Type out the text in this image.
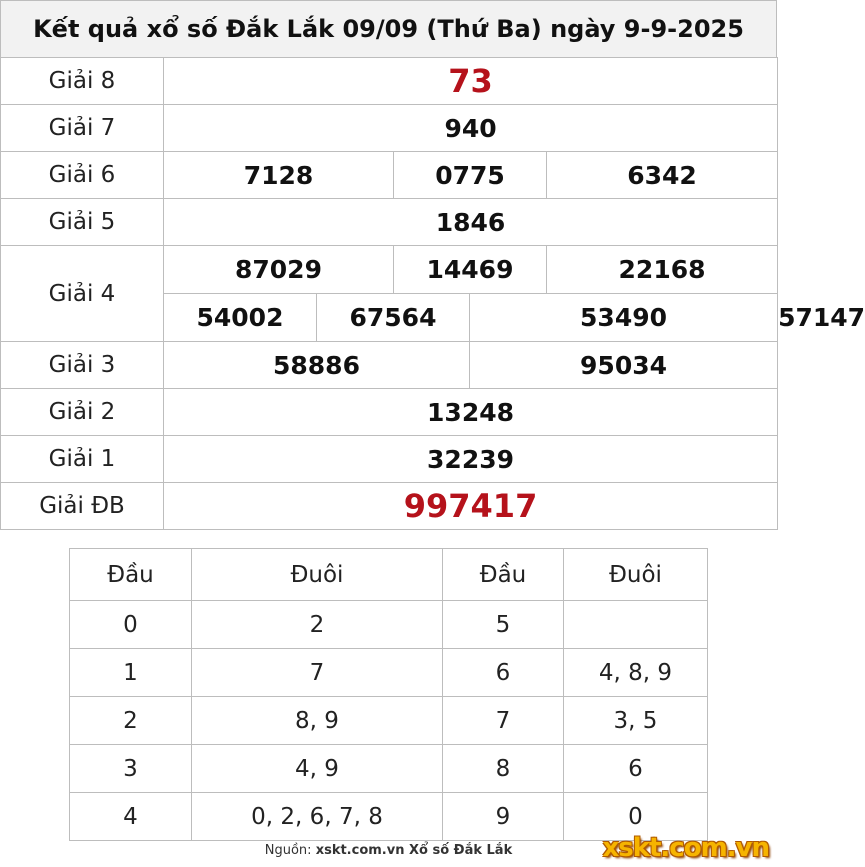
Kết quả xổ số Đắk Lắk 09/09 (Thứ Ba) ngày 9-9-2025
Giải 8	73					
Giải 7	940					
Giải 6	7128		0775		6342	
Giải 5	1846					
Giải 4	87029		14469		22168	
	54002	67564		53490		57147
Giải 3	58886			95034		
Giải 2	13248					
Giải 1	32239					
Giải ĐB	997417					
Đầu	Đuôi	Đầu	Đuôi
0	2	5	
1	7	6	4, 8, 9
2	8, 9	7	3, 5
3	4, 9	8	6
4	0, 2, 6, 7, 8	9	0
Nguồn: xskt.com.vn Xổ số Đắk Lắk	xskt.com.vn
